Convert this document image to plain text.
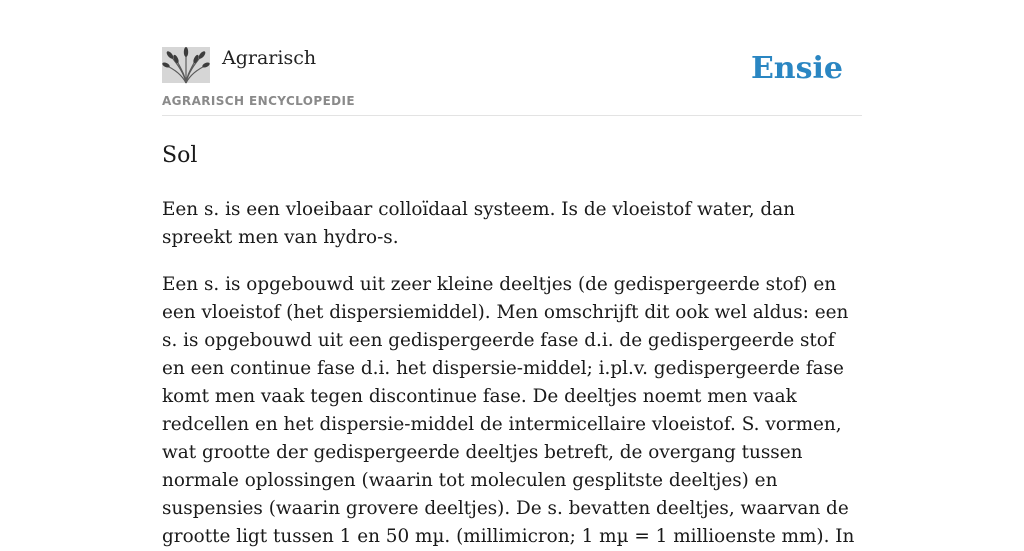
Agrarisch
AGRARISCH ENCYCLOPEDIE
Ensie
Sol

Een s. is een vloeibaar colloïdaal systeem. Is de vloeistof water, dan spreekt men van hydro-s.

Een s. is opgebouwd uit zeer kleine deeltjes (de gedispergeerde stof) en een vloeistof (het dispersiemiddel). Men omschrijft dit ook wel aldus: een s. is opgebouwd uit een gedispergeerde fase d.i. de gedispergeerde stof en een continue fase d.i. het dispersie-middel; i.pl.v. gedispergeerde fase komt men vaak tegen discontinue fase. De deeltjes noemt men vaak redcellen en het dispersie-middel de intermicellaire vloeistof. S. vormen, wat grootte der gedispergeerde deeltjes betreft, de overgang tussen normale oplossingen (waarin tot moleculen gesplitste deeltjes) en suspensies (waarin grovere deeltjes). De s. bevatten deeltjes, waarvan de grootte ligt tussen 1 en 50 mµ. (millimicron; 1 mµ = 1 millioenste mm). In
